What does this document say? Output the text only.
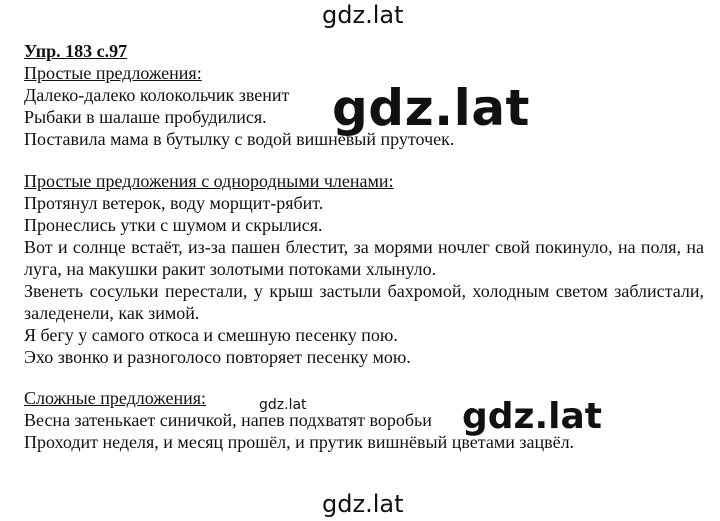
gdz.lat

Упр. 183 с.97

Простые предложения:

Далеко-далеко колокольчик звенит

Рыбаки в шалаше пробудилися.

Поставила мама в бутылку с водой вишневый пруточек.

Простые предложения с однородными членами:

Протянул ветерок, воду морщит-рябит.

Пронеслись утки с шумом и скрылися.

Вот и солнце встаёт, из-за пашен блестит, за морями ночлег свой покинуло, на поля, на луга, на макушки ракит золотыми потоками хлынуло.

Звенеть сосульки перестали, у крыш застыли бахромой, холодным светом заблистали, заледенели, как зимой.

Я бегу у самого откоса и смешную песенку пою.

Эхо звонко и разноголосо повторяет песенку мою.

Сложные предложения:

Весна затенькает синичкой, напев подхватят воробьи

Проходит неделя, и месяц прошёл, и прутик вишнёвый цветами зацвёл.

gdz.lat
gdz.lat	gdz.lat
gdz.lat
